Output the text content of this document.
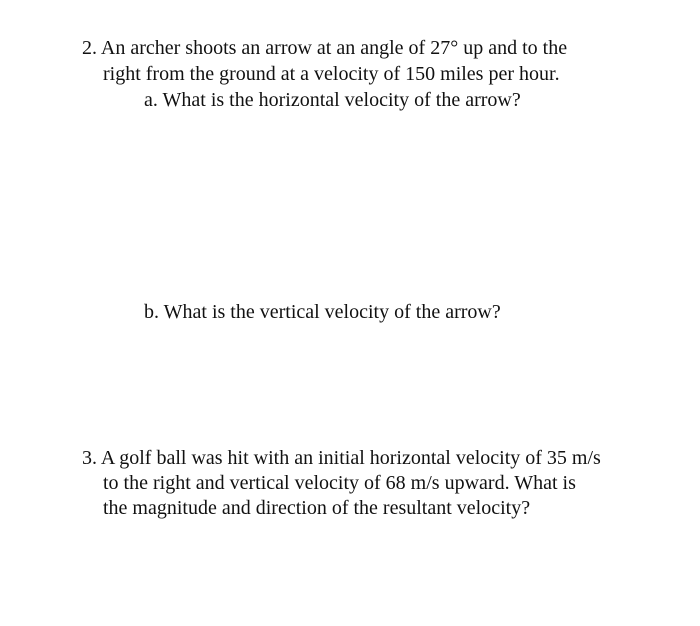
2. An archer shoots an arrow at an angle of 27° up and to the
right from the ground at a velocity of 150 miles per hour.
a. What is the horizontal velocity of the arrow?
b. What is the vertical velocity of the arrow?
3. A golf ball was hit with an initial horizontal velocity of 35 m/s
to the right and vertical velocity of 68 m/s upward. What is
the magnitude and direction of the resultant velocity?
